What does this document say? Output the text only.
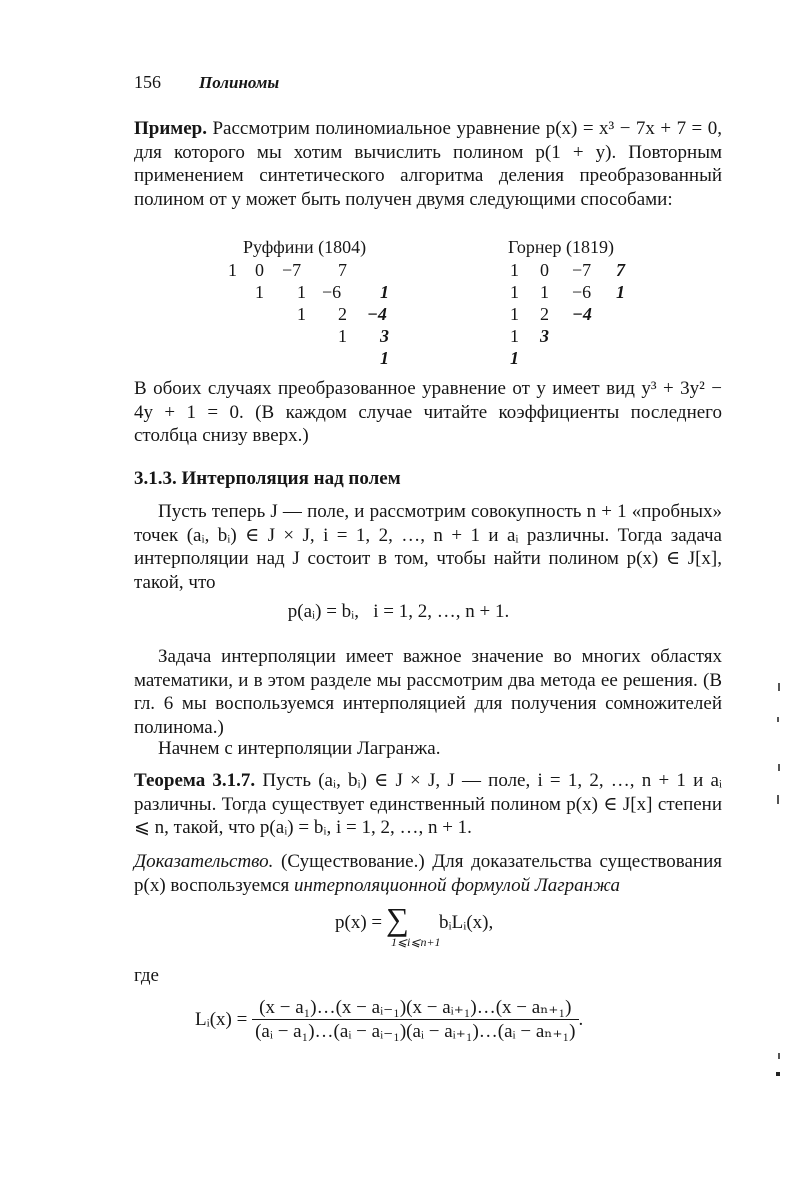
156 Полиномы
Пример. Рассмотрим полиномиальное уравнение p(x) = x³ − 7x + 7 = 0, для которого мы хотим вычислить полином p(1 + y). Повторным применением синтетического алгоритма деления преобразованный полином от y может быть получен двумя следующими способами:
Руффини (1804)
1 0 −7 7
1 1 −6 1
1 2 −4
1 3
1
Горнер (1819)
1 0 −7 7
1 1 −6 1
1 2 −4
1 3
1
В обоих случаях преобразованное уравнение от y имеет вид y³ + 3y² − 4y + 1 = 0. (В каждом случае читайте коэффициенты последнего столбца снизу вверх.)
3.1.3. Интерполяция над полем
Пусть теперь J — поле, и рассмотрим совокупность n + 1 «пробных» точек (aᵢ, bᵢ) ∈ J × J, i = 1, 2, …, n + 1 и aᵢ различны. Тогда задача интерполяции над J состоит в том, чтобы найти полином p(x) ∈ J[x], такой, что
p(aᵢ) = bᵢ,   i = 1, 2, …, n + 1.
Задача интерполяции имеет важное значение во многих областях математики, и в этом разделе мы рассмотрим два метода ее решения. (В гл. 6 мы воспользуемся интерполяцией для получения сомножителей полинома.)
Начнем с интерполяции Лагранжа.
Теорема 3.1.7. Пусть (aᵢ, bᵢ) ∈ J × J, J — поле, i = 1, 2, …, n + 1 и aᵢ различны. Тогда существует единственный полином p(x) ∈ J[x] степени ⩽ n, такой, что p(aᵢ) = bᵢ, i = 1, 2, …, n + 1.
Доказательство. (Существование.) Для доказательства существования p(x) воспользуемся интерполяционной формулой Лагранжа
p(x) = ∑
1⩽i⩽n+1
bᵢLᵢ(x),
где
Lᵢ(x) = $\frac{\text{(x − a₁)…(x − aᵢ₋₁)(x − aᵢ₊₁)…(x − aₙ₊₁)}}{\text{(aᵢ − a₁)…(aᵢ − aᵢ₋₁)(aᵢ − aᵢ₊₁)…(aᵢ − aₙ₊₁)}}$ .
